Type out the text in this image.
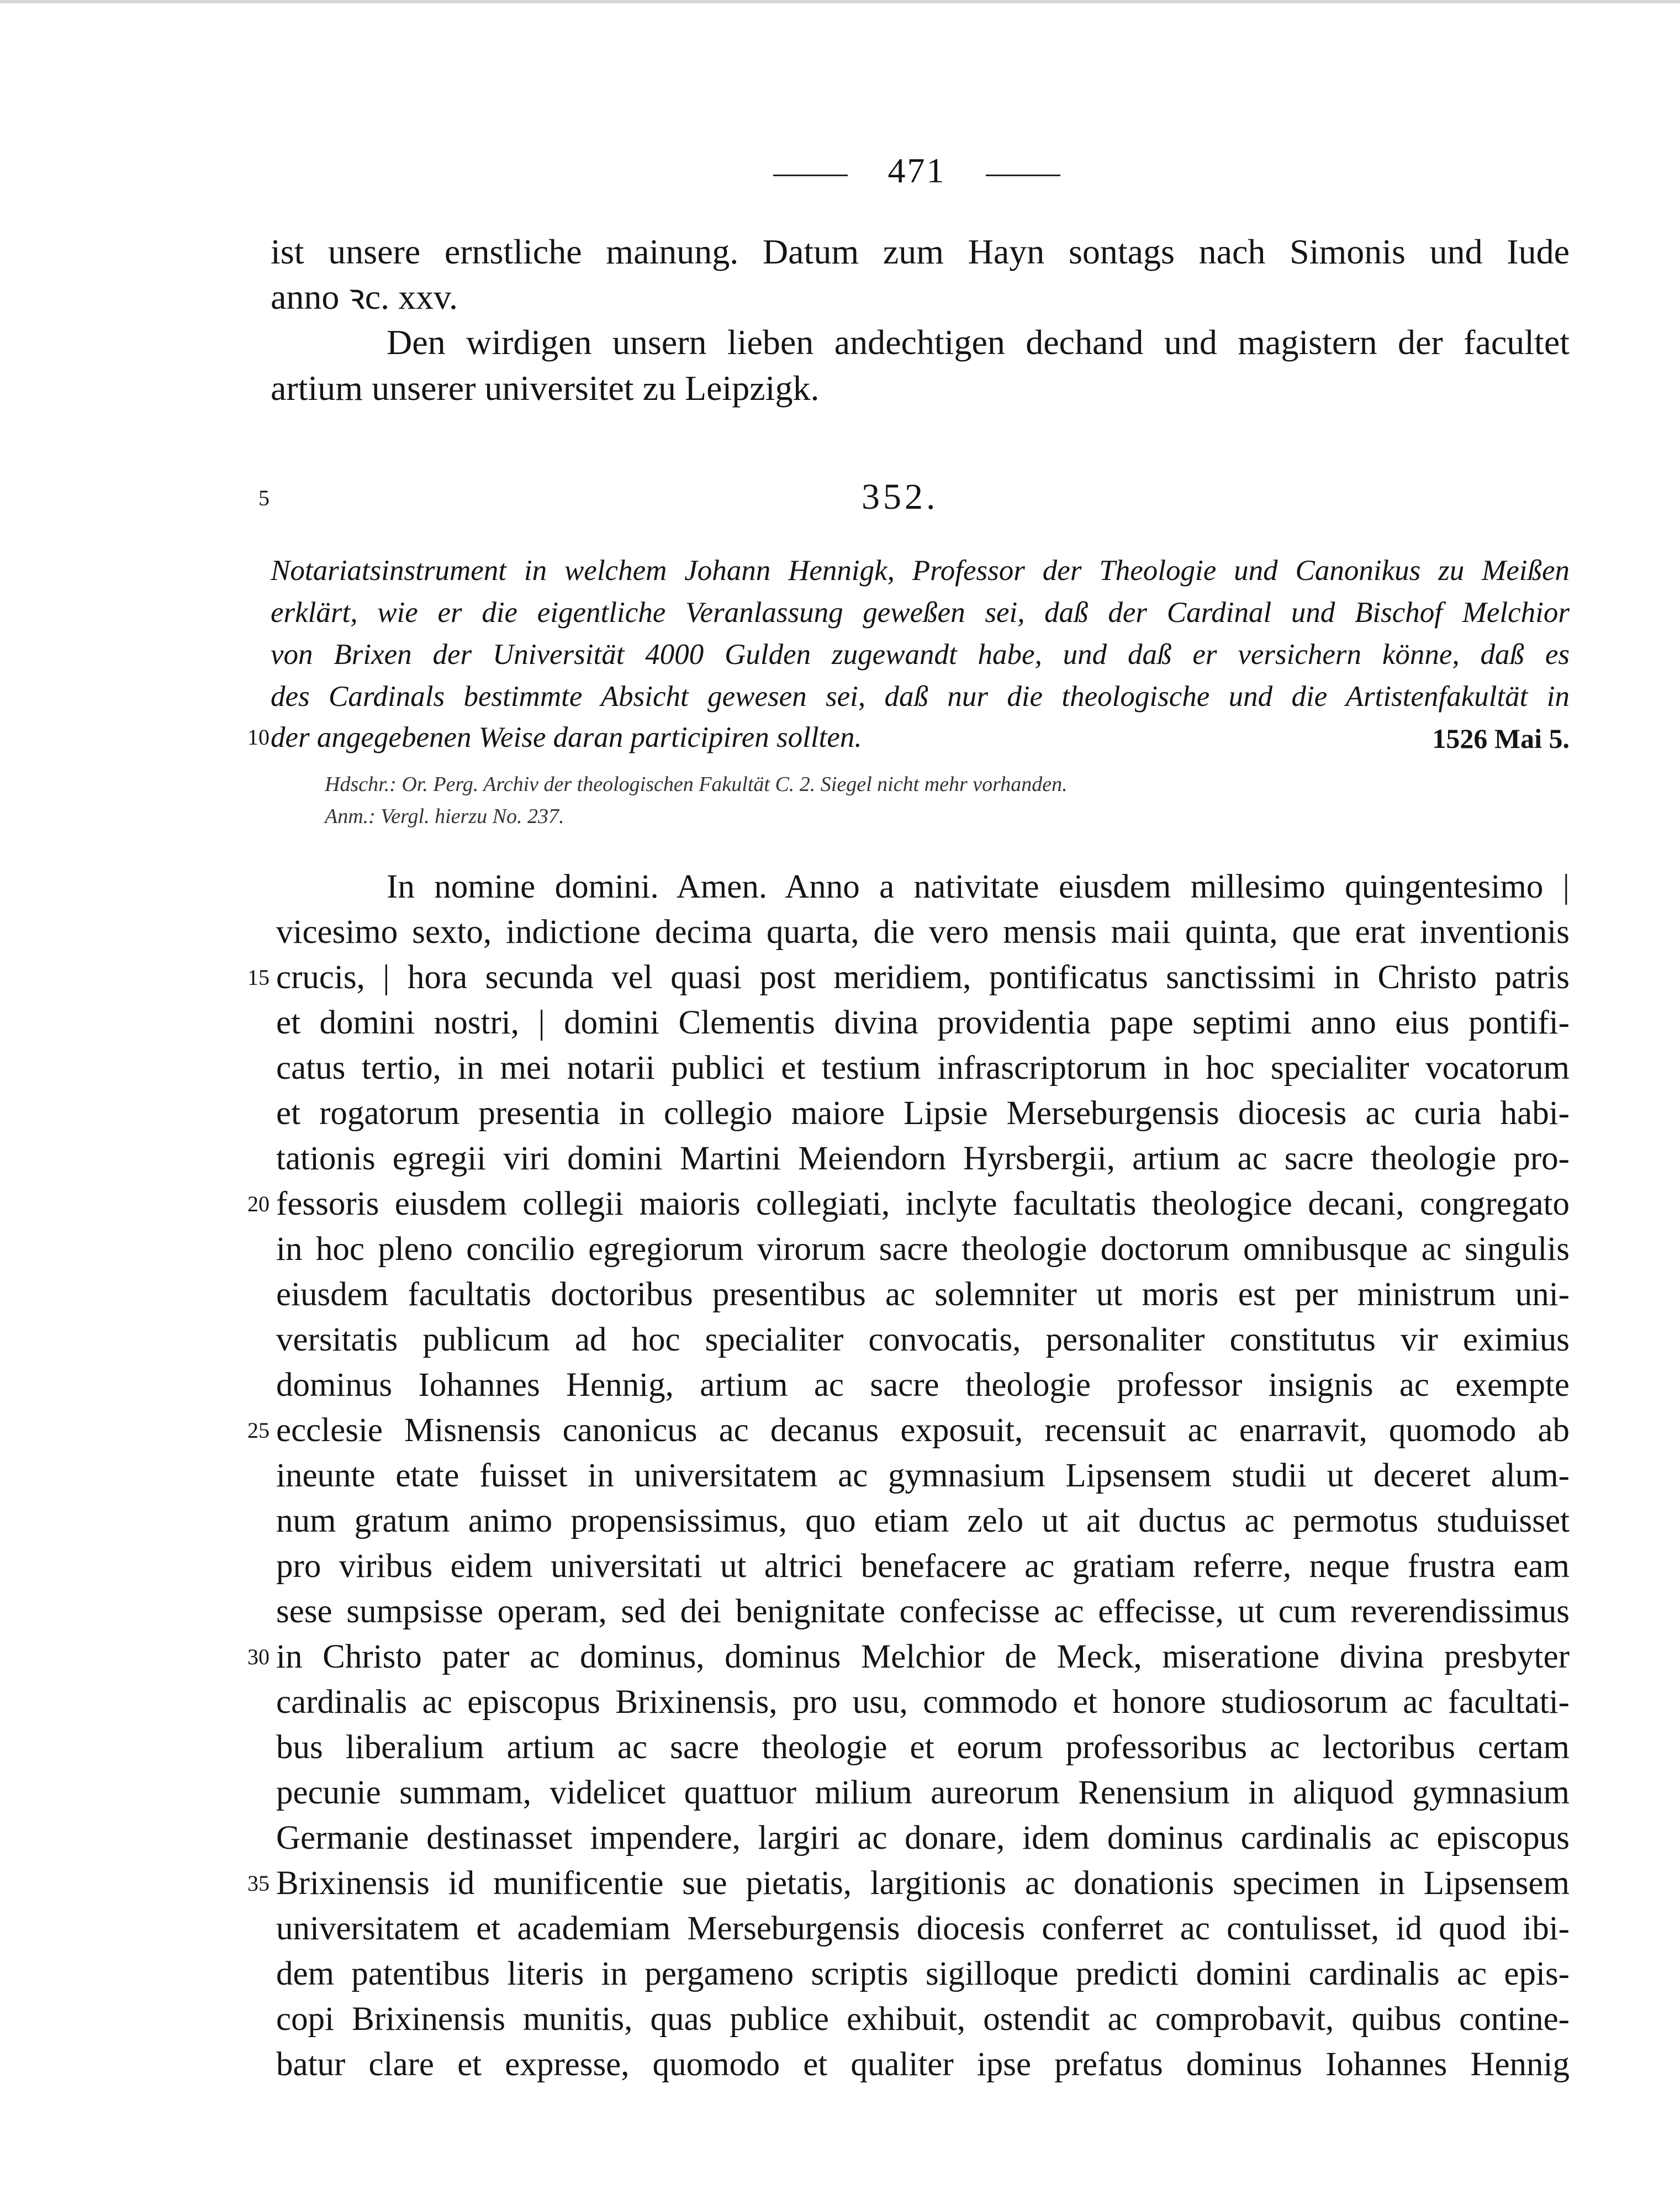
471
ist unsere ernstliche mainung. Datum zum Hayn sontags nach Simonis und Iude
anno ꝛc. xxv.
Den wirdigen unsern lieben andechtigen dechand und magistern der facultet
artium unserer universitet zu Leipzigk.
5	352.
Notariatsinstrument in welchem Johann Hennigk, Professor der Theologie und Canonikus zu Meißen
erklärt, wie er die eigentliche Veranlassung geweßen sei, daß der Cardinal und Bischof Melchior
von Brixen der Universität 4000 Gulden zugewandt habe, und daß er versichern könne, daß es
des Cardinals bestimmte Absicht gewesen sei, daß nur die theologische und die Artistenfakultät in
10 der angegebenen Weise daran participiren sollten.	1526 Mai 5.
Hdschr.: Or. Perg. Archiv der theologischen Fakultät C. 2. Siegel nicht mehr vorhanden.
Anm.: Vergl. hierzu No. 237.
In nomine domini. Amen. Anno a nativitate eiusdem millesimo quingentesimo |
vicesimo sexto, indictione decima quarta, die vero mensis maii quinta, que erat inventionis
crucis, | hora secunda vel quasi post meridiem, pontificatus sanctissimi in Christo patris
et domini nostri, | domini Clementis divina providentia pape septimi anno eius pontifi-
catus tertio, in mei notarii publici et testium infrascriptorum in hoc specialiter vocatorum
et rogatorum presentia in collegio maiore Lipsie Merseburgensis diocesis ac curia habi-
tationis egregii viri domini Martini Meiendorn Hyrsbergii, artium ac sacre theologie pro-
fessoris eiusdem collegii maioris collegiati, inclyte facultatis theologice decani, congregato
in hoc pleno concilio egregiorum virorum sacre theologie doctorum omnibusque ac singulis
eiusdem facultatis doctoribus presentibus ac solemniter ut moris est per ministrum uni-
versitatis publicum ad hoc specialiter convocatis, personaliter constitutus vir eximius
dominus Iohannes Hennig, artium ac sacre theologie professor insignis ac exempte
ecclesie Misnensis canonicus ac decanus exposuit, recensuit ac enarravit, quomodo ab
ineunte etate fuisset in universitatem ac gymnasium Lipsensem studii ut deceret alum-
num gratum animo propensissimus, quo etiam zelo ut ait ductus ac permotus studuisset
pro viribus eidem universitati ut altrici benefacere ac gratiam referre, neque frustra eam
sese sumpsisse operam, sed dei benignitate confecisse ac effecisse, ut cum reverendissimus
in Christo pater ac dominus, dominus Melchior de Meck, miseratione divina presbyter
cardinalis ac episcopus Brixinensis, pro usu, commodo et honore studiosorum ac facultati-
bus liberalium artium ac sacre theologie et eorum professoribus ac lectoribus certam
pecunie summam, videlicet quattuor milium aureorum Renensium in aliquod gymnasium
Germanie destinasset impendere, largiri ac donare, idem dominus cardinalis ac episcopus
Brixinensis id munificentie sue pietatis, largitionis ac donationis specimen in Lipsensem
universitatem et academiam Merseburgensis diocesis conferret ac contulisset, id quod ibi-
dem patentibus literis in pergameno scriptis sigilloque predicti domini cardinalis ac epis-
copi Brixinensis munitis, quas publice exhibuit, ostendit ac comprobavit, quibus contine-
batur clare et expresse, quomodo et qualiter ipse prefatus dominus Iohannes Hennig
15
20
25
30
35
